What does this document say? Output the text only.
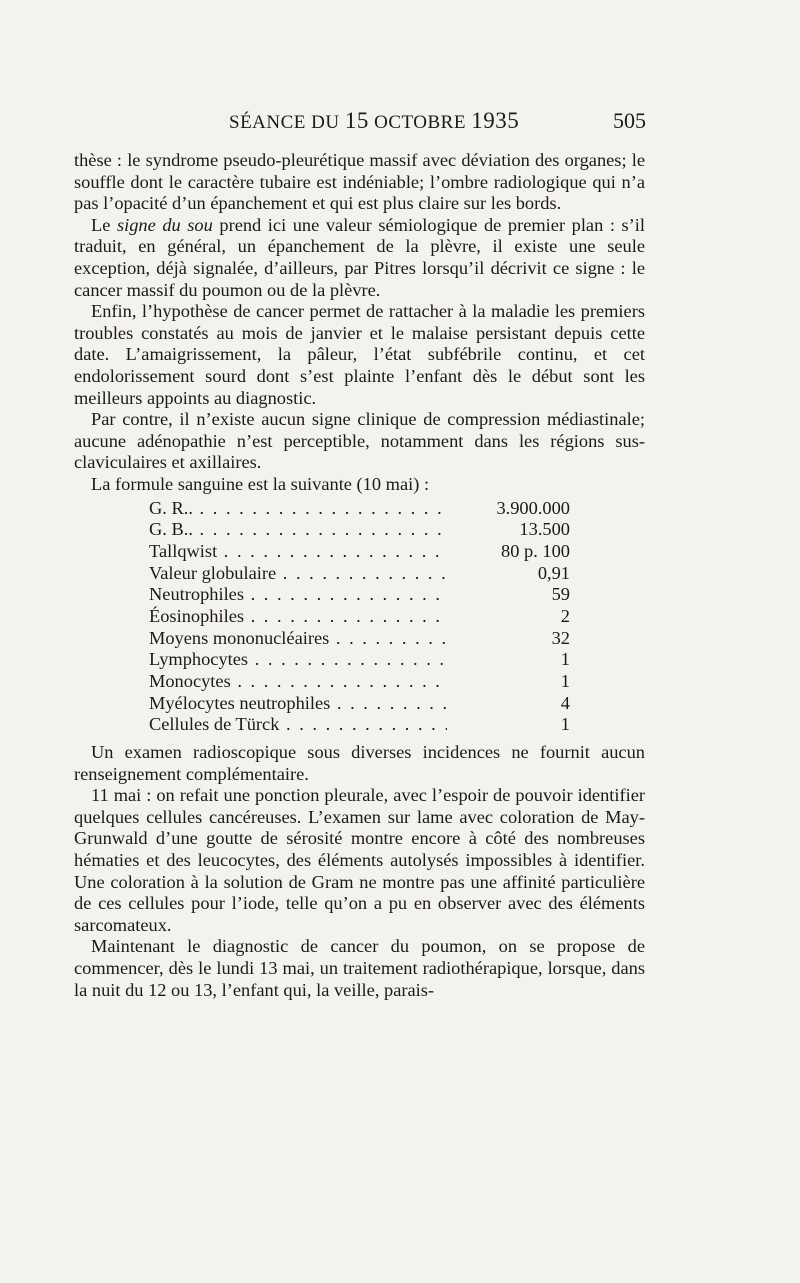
SÉANCE DU 15 OCTOBRE 1935	505

thèse : le syndrome pseudo-pleurétique massif avec déviation des organes; le souffle dont le caractère tubaire est indéniable; l’ombre radiologique qui n’a pas l’opacité d’un épanchement et qui est plus claire sur les bords.

Le signe du sou prend ici une valeur sémiologique de premier plan : s’il traduit, en général, un épanchement de la plèvre, il existe une seule exception, déjà signalée, d’ailleurs, par Pitres lorsqu’il décrivit ce signe : le cancer massif du poumon ou de la plèvre.

Enfin, l’hypothèse de cancer permet de rattacher à la maladie les premiers troubles constatés au mois de janvier et le malaise persistant depuis cette date. L’amaigrissement, la pâleur, l’état subfébrile continu, et cet endolorissement sourd dont s’est plainte l’enfant dès le début sont les meilleurs appoints au diagnostic.

Par contre, il n’existe aucun signe clinique de compression médiastinale; aucune adénopathie n’est perceptible, notamment dans les régions sus-claviculaires et axillaires.

La formule sanguine est la suivante (10 mai) :

G. R.. . . .	3.900.000
G. B.. . . .	13.500
Tallqwist . . .	80 p. 100
Valeur globulaire . . .	0,91
Neutrophiles . . .	59
Éosinophiles . . .	2
Moyens mononucléaires . . .	32
Lymphocytes . . .	1
Monocytes . . .	1
Myélocytes neutrophiles . . .	4
Cellules de Türck . . .	1

Un examen radioscopique sous diverses incidences ne fournit aucun renseignement complémentaire.

11 mai : on refait une ponction pleurale, avec l’espoir de pouvoir identifier quelques cellules cancéreuses. L’examen sur lame avec coloration de May-Grunwald d’une goutte de sérosité montre encore à côté des nombreuses hématies et des leucocytes, des éléments autolysés impossibles à identifier. Une coloration à la solution de Gram ne montre pas une affinité particulière de ces cellules pour l’iode, telle qu’on a pu en observer avec des éléments sarcomateux.

Maintenant le diagnostic de cancer du poumon, on se propose de commencer, dès le lundi 13 mai, un traitement radiothérapique, lorsque, dans la nuit du 12 ou 13, l’enfant qui, la veille, parais-
